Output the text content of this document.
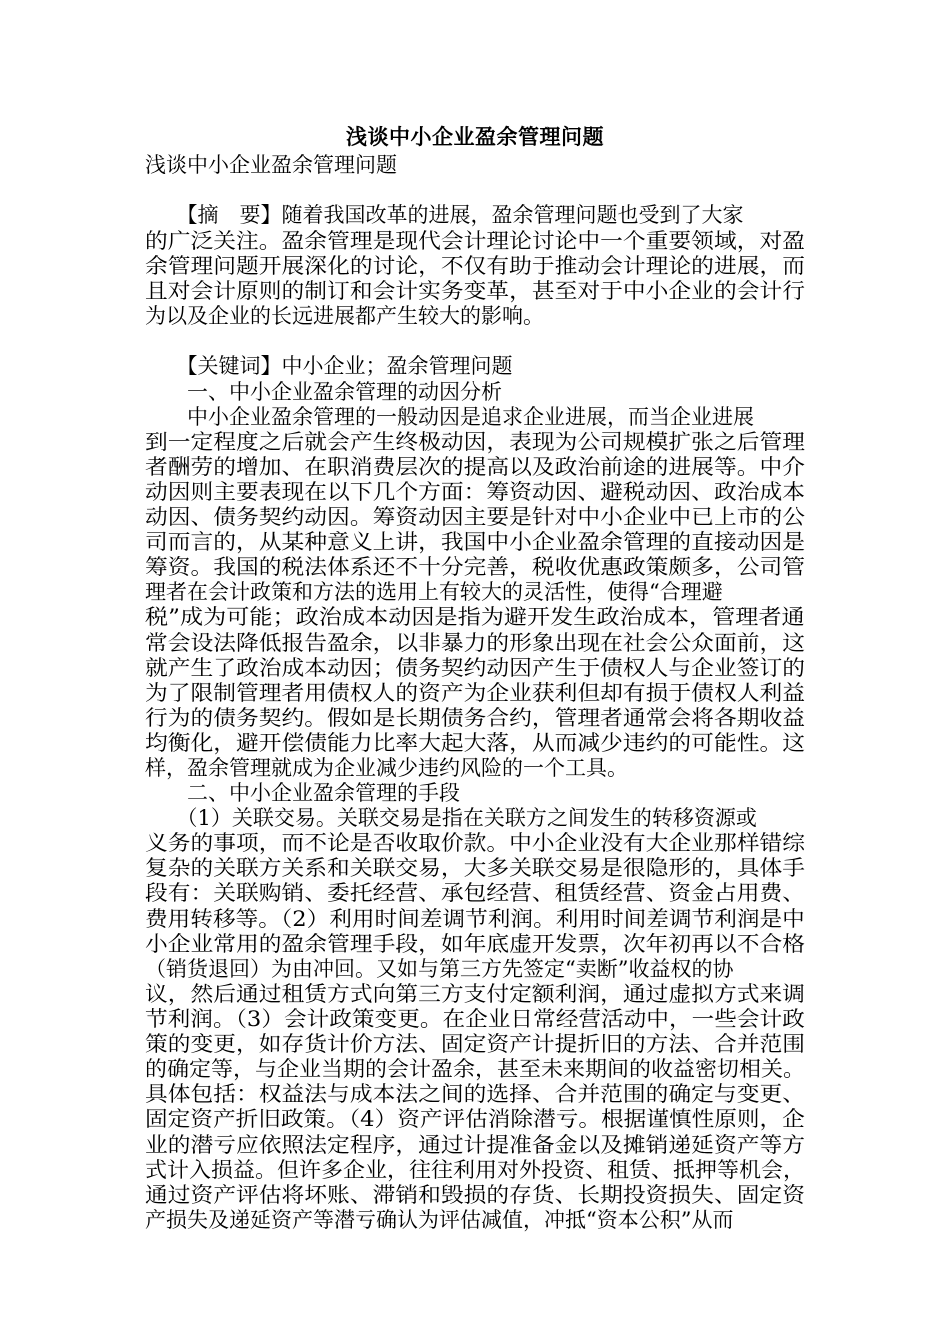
浅谈中小企业盈余管理问题
浅谈中小企业盈余管理问题
　　【摘　要】随着我国改革的进展，盈余管理问题也受到了大家
的广泛关注。盈余管理是现代会计理论讨论中一个重要领域，对盈
余管理问题开展深化的讨论，不仅有助于推动会计理论的进展，而
且对会计原则的制订和会计实务变革，甚至对于中小企业的会计行
为以及企业的长远进展都产生较大的影响。
　　【关键词】中小企业；盈余管理问题
　　一、中小企业盈余管理的动因分析
　　中小企业盈余管理的一般动因是追求企业进展，而当企业进展
到一定程度之后就会产生终极动因，表现为公司规模扩张之后管理
者酬劳的增加、在职消费层次的提高以及政治前途的进展等。中介
动因则主要表现在以下几个方面：筹资动因、避税动因、政治成本
动因、债务契约动因。筹资动因主要是针对中小企业中已上市的公
司而言的，从某种意义上讲，我国中小企业盈余管理的直接动因是
筹资。我国的税法体系还不十分完善，税收优惠政策颇多，公司管
理者在会计政策和方法的选用上有较大的灵活性，使得“合理避
税”成为可能；政治成本动因是指为避开发生政治成本，管理者通
常会设法降低报告盈余，以非暴力的形象出现在社会公众面前，这
就产生了政治成本动因；债务契约动因产生于债权人与企业签订的
为了限制管理者用债权人的资产为企业获利但却有损于债权人利益
行为的债务契约。假如是长期债务合约，管理者通常会将各期收益
均衡化，避开偿债能力比率大起大落，从而减少违约的可能性。这
样，盈余管理就成为企业减少违约风险的一个工具。
　　二、中小企业盈余管理的手段
　　（1）关联交易。关联交易是指在关联方之间发生的转移资源或
义务的事项，而不论是否收取价款。中小企业没有大企业那样错综
复杂的关联方关系和关联交易，大多关联交易是很隐形的，具体手
段有：关联购销、委托经营、承包经营、租赁经营、资金占用费、
费用转移等。（2）利用时间差调节利润。利用时间差调节利润是中
小企业常用的盈余管理手段，如年底虚开发票，次年初再以不合格
（销货退回）为由冲回。又如与第三方先签定“卖断”收益权的协
议，然后通过租赁方式向第三方支付定额利润，通过虚拟方式来调
节利润。（3）会计政策变更。在企业日常经营活动中，一些会计政
策的变更，如存货计价方法、固定资产计提折旧的方法、合并范围
的确定等，与企业当期的会计盈余，甚至未来期间的收益密切相关。
具体包括：权益法与成本法之间的选择、合并范围的确定与变更、
固定资产折旧政策。（4）资产评估消除潜亏。根据谨慎性原则，企
业的潜亏应依照法定程序，通过计提准备金以及摊销递延资产等方
式计入损益。但许多企业，往往利用对外投资、租赁、抵押等机会，
通过资产评估将坏账、滞销和毁损的存货、长期投资损失、固定资
产损失及递延资产等潜亏确认为评估减值，冲抵“资本公积”从而
